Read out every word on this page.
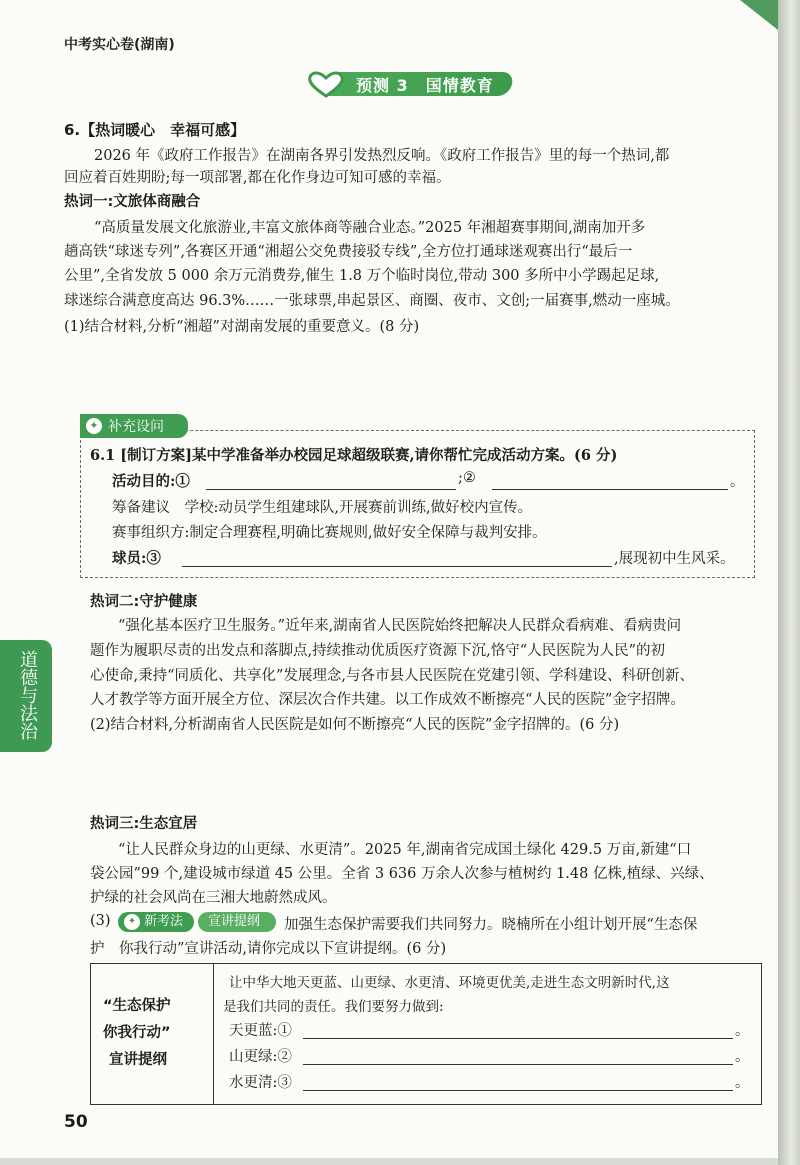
中考实心卷(湖南)
预测 3　国情教育
道德与法治
6.【热词暖心　幸福可感】
2026 年《政府工作报告》在湖南各界引发热烈反响。《政府工作报告》里的每一个热词,都
回应着百姓期盼;每一项部署,都在化作身边可知可感的幸福。
热词一:文旅体商融合
“高质量发展文化旅游业,丰富文旅体商等融合业态。”2025 年湘超赛事期间,湖南加开多
趟高铁“球迷专列”,各赛区开通“湘超公交免费接驳专线”,全方位打通球迷观赛出行“最后一
公里”,全省发放 5 000 余万元消费券,催生 1.8 万个临时岗位,带动 300 多所中小学踢起足球,
球迷综合满意度高达 96.3%……一张球票,串起景区、商圈、夜市、文创;一届赛事,燃动一座城。
(1)结合材料,分析“湘超”对湖南发展的重要意义。(8 分)
✦ 补充设问
6.1 [制订方案]某中学准备举办校园足球超级联赛,请你帮忙完成活动方案。(6 分)
活动目的:①	;②	。
筹备建议　学校:动员学生组建球队,开展赛前训练,做好校内宣传。
赛事组织方:制定合理赛程,明确比赛规则,做好安全保障与裁判安排。
球员:③	,展现初中生风采。
热词二:守护健康
“强化基本医疗卫生服务。”近年来,湖南省人民医院始终把解决人民群众看病难、看病贵问
题作为履职尽责的出发点和落脚点,持续推动优质医疗资源下沉,恪守“人民医院为人民”的初
心使命,秉持“同质化、共享化”发展理念,与各市县人民医院在党建引领、学科建设、科研创新、
人才教学等方面开展全方位、深层次合作共建。以工作成效不断擦亮“人民的医院”金字招牌。
(2)结合材料,分析湖南省人民医院是如何不断擦亮“人民的医院”金字招牌的。(6 分)
热词三:生态宜居
“让人民群众身边的山更绿、水更清”。2025 年,湖南省完成国土绿化 429.5 万亩,新建“口
袋公园”99 个,建设城市绿道 45 公里。全省 3 636 万余人次参与植树约 1.48 亿株,植绿、兴绿、
护绿的社会风尚在三湘大地蔚然成风。
(3)	✦ 新考法 宣讲提纲 加强生态保护需要我们共同努力。晓楠所在小组计划开展“生态保
护　你我行动”宣讲活动,请你完成以下宣讲提纲。(6 分)
“生态保护
你我行动”
宣讲提纲
让中华大地天更蓝、山更绿、水更清、环境更优美,走进生态文明新时代,这
是我们共同的责任。我们要努力做到:
天更蓝:①	。
山更绿:②	。
水更清:③	。
50
